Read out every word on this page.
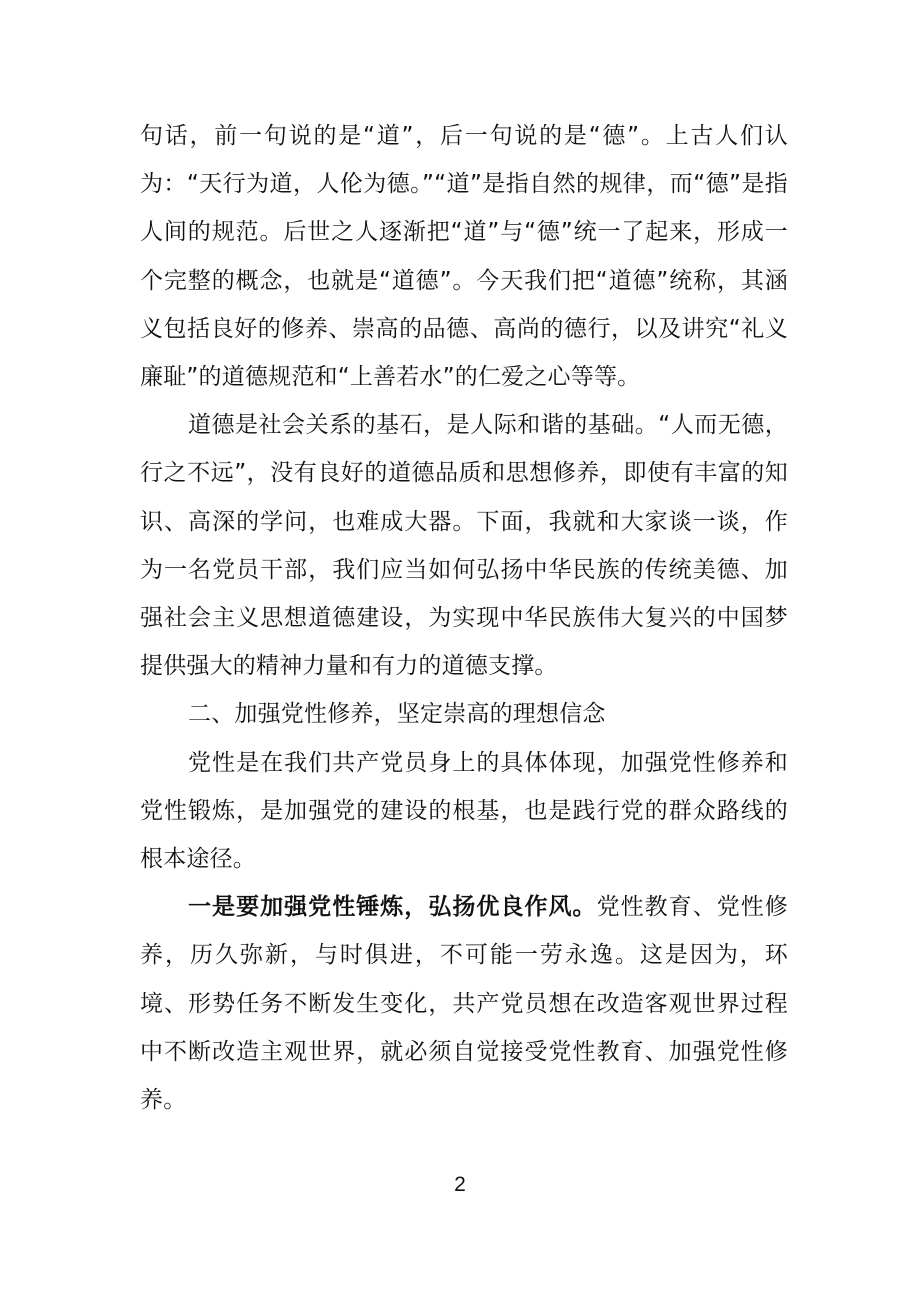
句话，前一句说的是“道”，后一句说的是“德”。上古人们认为：“天行为道，人伦为德。”“道”是指自然的规律，而“德”是指人间的规范。后世之人逐渐把“道”与“德”统一了起来，形成一个完整的概念，也就是“道德”。今天我们把“道德”统称，其涵义包括良好的修养、崇高的品德、高尚的德行，以及讲究“礼义廉耻”的道德规范和“上善若水”的仁爱之心等等。

道德是社会关系的基石，是人际和谐的基础。“人而无德，行之不远”，没有良好的道德品质和思想修养，即使有丰富的知识、高深的学问，也难成大器。下面，我就和大家谈一谈，作为一名党员干部，我们应当如何弘扬中华民族的传统美德、加强社会主义思想道德建设，为实现中华民族伟大复兴的中国梦提供强大的精神力量和有力的道德支撑。

二、加强党性修养，坚定崇高的理想信念

党性是在我们共产党员身上的具体体现，加强党性修养和党性锻炼，是加强党的建设的根基，也是践行党的群众路线的根本途径。

一是要加强党性锤炼，弘扬优良作风。党性教育、党性修养，历久弥新，与时俱进，不可能一劳永逸。这是因为，环境、形势任务不断发生变化，共产党员想在改造客观世界过程中不断改造主观世界，就必须自觉接受党性教育、加强党性修养。

2
